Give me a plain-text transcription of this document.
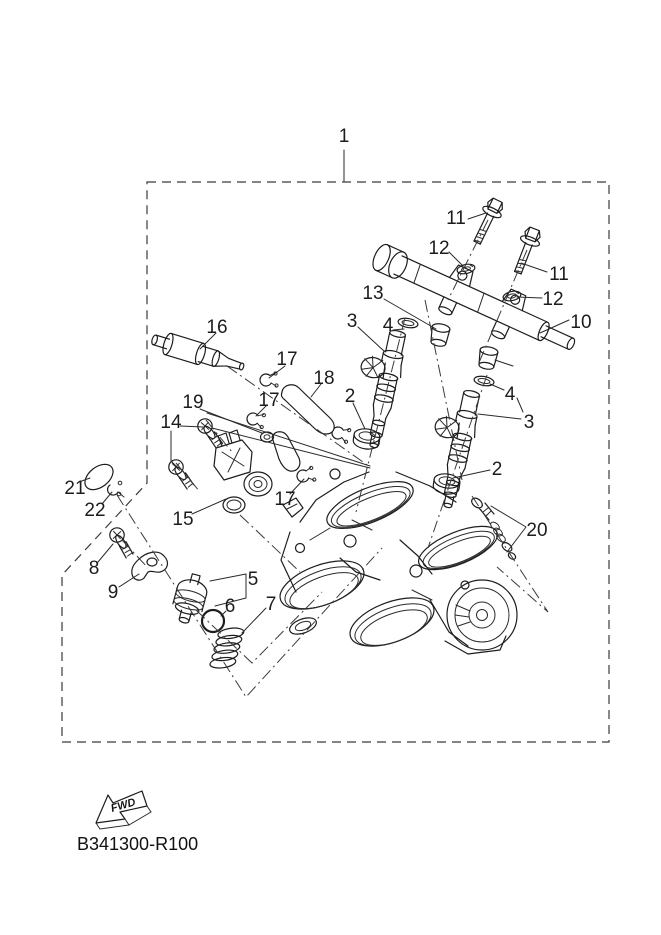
1
11
12
11
12
13
3 4	10
16
17
18
2	4
17
19
3
14
2
21
17
22	15
20
8
9
5
6 7
FWD
B341300-R100
